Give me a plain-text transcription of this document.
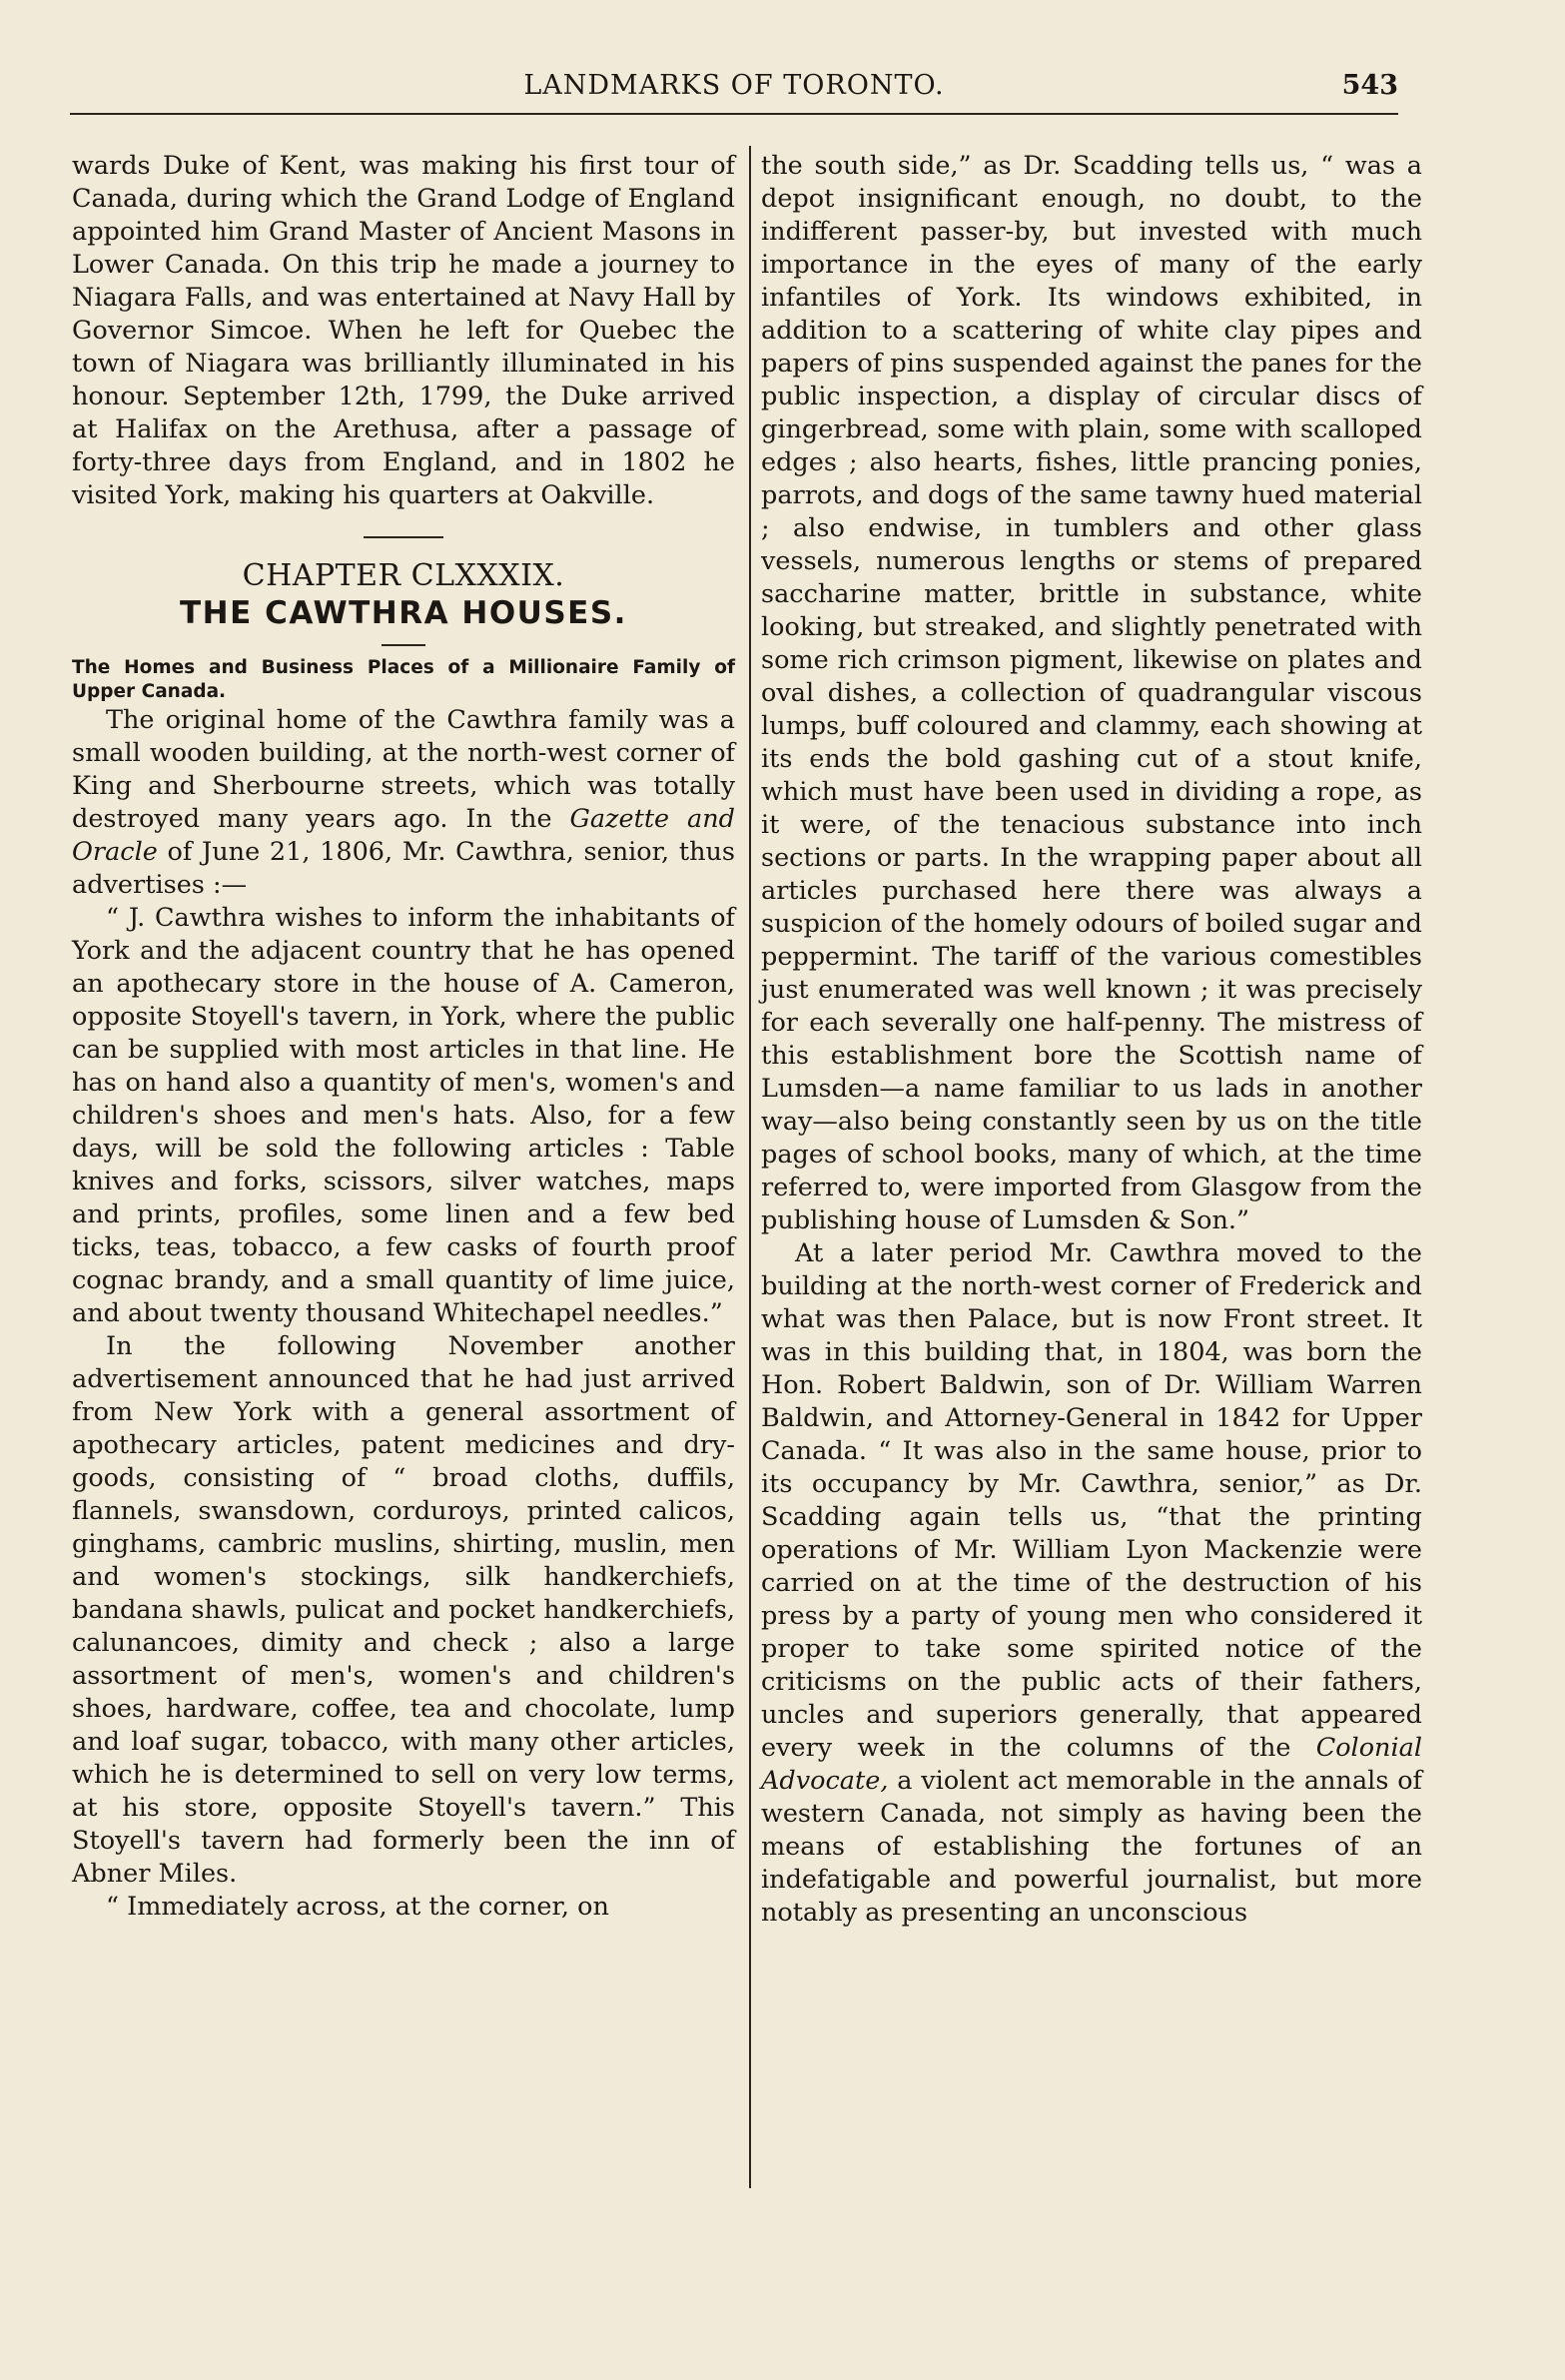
LANDMARKS OF TORONTO.	543

wards Duke of Kent, was making his first tour of Canada, during which the Grand Lodge of England appointed him Grand Master of Ancient Masons in Lower Canada. On this trip he made a journey to Niagara Falls, and was entertained at Navy Hall by Governor Simcoe. When he left for Quebec the town of Niagara was brilliantly illuminated in his honour. September 12th, 1799, the Duke arrived at Halifax on the Arethusa, after a passage of forty-three days from England, and in 1802 he visited York, making his quarters at Oakville.

CHAPTER CLXXXIX.

THE CAWTHRA HOUSES.

The Homes and Business Places of a Millionaire Family of Upper Canada.

The original home of the Cawthra family was a small wooden building, at the north-west corner of King and Sherbourne streets, which was totally destroyed many years ago. In the Gazette and Oracle of June 21, 1806, Mr. Cawthra, senior, thus advertises :—

“ J. Cawthra wishes to inform the inhabitants of York and the adjacent country that he has opened an apothecary store in the house of A. Cameron, opposite Stoyell's tavern, in York, where the public can be supplied with most articles in that line. He has on hand also a quantity of men's, women's and children's shoes and men's hats. Also, for a few days, will be sold the following articles : Table knives and forks, scissors, silver watches, maps and prints, profiles, some linen and a few bed ticks, teas, tobacco, a few casks of fourth proof cognac brandy, and a small quantity of lime juice, and about twenty thousand Whitechapel needles.”

In the following November another advertisement announced that he had just arrived from New York with a general assortment of apothecary articles, patent medicines and dry-goods, consisting of “ broad cloths, duffils, flannels, swansdown, corduroys, printed calicos, ginghams, cambric muslins, shirting, muslin, men and women's stockings, silk handkerchiefs, bandana shawls, pulicat and pocket handkerchiefs, calunancoes, dimity and check ; also a large assortment of men's, women's and children's shoes, hardware, coffee, tea and chocolate, lump and loaf sugar, tobacco, with many other articles, which he is determined to sell on very low terms, at his store, opposite Stoyell's tavern.” This Stoyell's tavern had formerly been the inn of Abner Miles.

“ Immediately across, at the corner, on

the south side,” as Dr. Scadding tells us, “ was a depot insignificant enough, no doubt, to the indifferent passer-by, but invested with much importance in the eyes of many of the early infantiles of York. Its windows exhibited, in addition to a scattering of white clay pipes and papers of pins suspended against the panes for the public inspection, a display of circular discs of gingerbread, some with plain, some with scalloped edges ; also hearts, fishes, little prancing ponies, parrots, and dogs of the same tawny hued material ; also endwise, in tumblers and other glass vessels, numerous lengths or stems of prepared saccharine matter, brittle in substance, white looking, but streaked, and slightly penetrated with some rich crimson pigment, likewise on plates and oval dishes, a collection of quadrangular viscous lumps, buff coloured and clammy, each showing at its ends the bold gashing cut of a stout knife, which must have been used in dividing a rope, as it were, of the tenacious substance into inch sections or parts. In the wrapping paper about all articles purchased here there was always a suspicion of the homely odours of boiled sugar and peppermint. The tariff of the various comestibles just enumerated was well known ; it was precisely for each severally one half-penny. The mistress of this establishment bore the Scottish name of Lumsden—a name familiar to us lads in another way—also being constantly seen by us on the title pages of school books, many of which, at the time referred to, were imported from Glasgow from the publishing house of Lumsden & Son.”

At a later period Mr. Cawthra moved to the building at the north-west corner of Frederick and what was then Palace, but is now Front street. It was in this building that, in 1804, was born the Hon. Robert Baldwin, son of Dr. William Warren Baldwin, and Attorney-General in 1842 for Upper Canada. “ It was also in the same house, prior to its occupancy by Mr. Cawthra, senior,” as Dr. Scadding again tells us, “that the printing operations of Mr. William Lyon Mackenzie were carried on at the time of the destruction of his press by a party of young men who considered it proper to take some spirited notice of the criticisms on the public acts of their fathers, uncles and superiors generally, that appeared every week in the columns of the Colonial Advocate, a violent act memorable in the annals of western Canada, not simply as having been the means of establishing the fortunes of an indefatigable and powerful journalist, but more notably as presenting an unconscious
